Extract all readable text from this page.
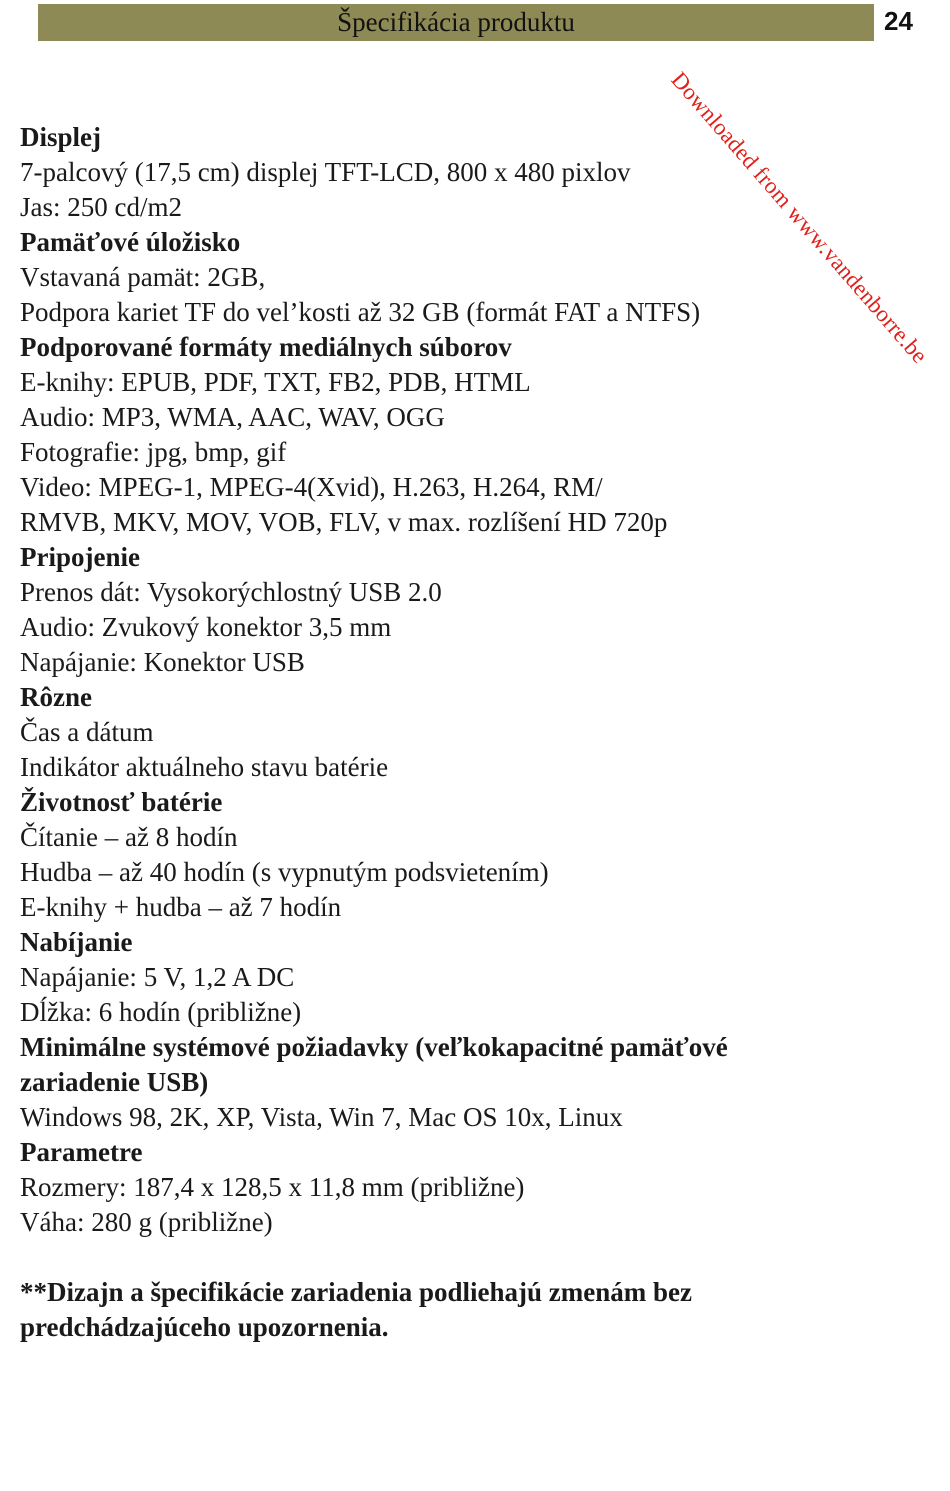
Špecifikácia produktu	24
Downloaded from www.vandenborre.be
Displej
7-palcový (17,5 cm) displej TFT-LCD, 800 x 480 pixlov
Jas: 250 cd/m2
Pamäťové úložisko
Vstavaná pamät: 2GB,
Podpora kariet TF do vel’kosti až 32 GB (formát FAT a NTFS)
Podporované formáty mediálnych súborov
E-knihy: EPUB, PDF, TXT, FB2, PDB, HTML
Audio: MP3, WMA, AAC, WAV, OGG
Fotografie: jpg, bmp, gif
Video: MPEG-1, MPEG-4(Xvid), H.263, H.264, RM/
RMVB, MKV, MOV, VOB, FLV, v max. rozlíšení HD 720p
Pripojenie
Prenos dát: Vysokorýchlostný USB 2.0
Audio: Zvukový konektor 3,5 mm
Napájanie: Konektor USB
Rôzne
Čas a dátum
Indikátor aktuálneho stavu batérie
Životnosť batérie
Čítanie – až 8 hodín
Hudba – až 40 hodín (s vypnutým podsvietením)
E-knihy + hudba – až 7 hodín
Nabíjanie
Napájanie: 5 V, 1,2 A DC
Dĺžka: 6 hodín (približne)
Minimálne systémové požiadavky (veľkokapacitné pamäťové zariadenie USB)
Windows 98, 2K, XP, Vista, Win 7, Mac OS 10x, Linux
Parametre
Rozmery: 187,4 x 128,5 x 11,8 mm (približne)
Váha: 280 g (približne)
**Dizajn a špecifikácie zariadenia podliehajú zmenám bez predchádzajúceho upozornenia.
